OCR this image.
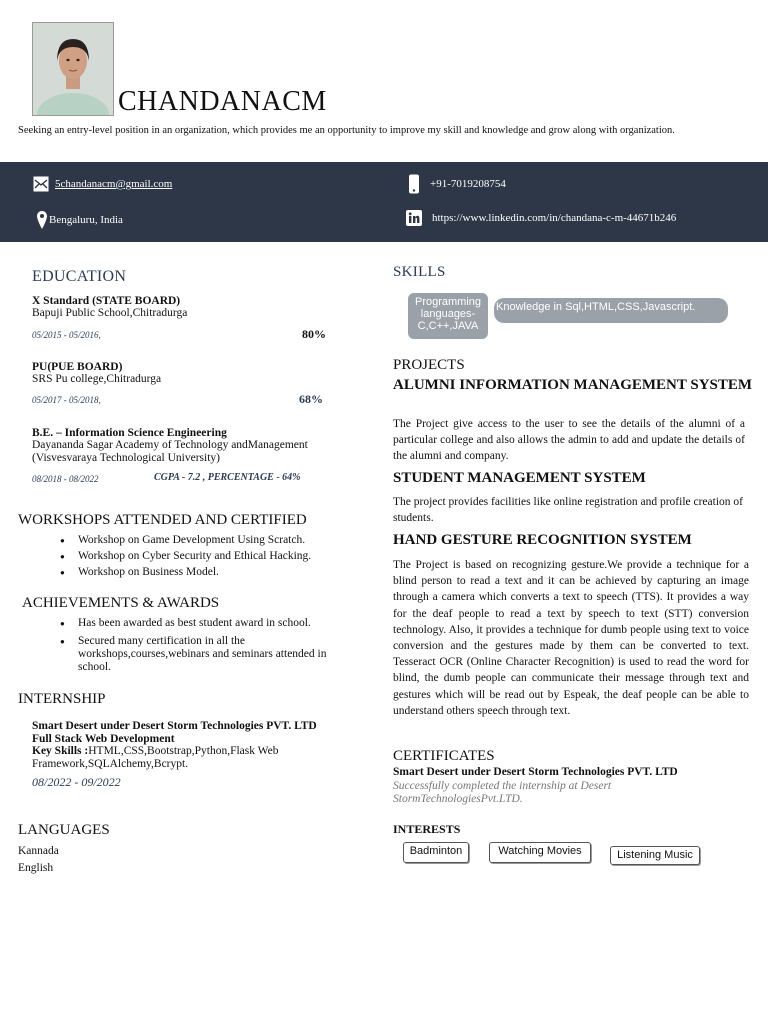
CHANDANACM
Seeking an entry-level position in an organization, which provides me an opportunity to improve my skill and knowledge and grow along with organization.
5chandanacm@gmail.com	+91-7019208754
Bengaluru, India	https://www.linkedin.com/in/chandana-c-m-44671b246
EDUCATION
X Standard (STATE BOARD)
Bapuji Public School,Chitradurga
05/2015 - 05/2016,	80%
PU(PUE BOARD)
SRS Pu college,Chitradurga
05/2017 - 05/2018,	68%
B.E. – Information Science Engineering
Dayananda Sagar Academy of Technology andManagement
(Visvesvaraya Technological University)
08/2018 - 08/2022	CGPA - 7.2 , PERCENTAGE - 64%
WORKSHOPS ATTENDED AND CERTIFIED
● Workshop on Game Development Using Scratch.
● Workshop on Cyber Security and Ethical Hacking.
● Workshop on Business Model.
ACHIEVEMENTS & AWARDS
● Has been awarded as best student award in school.
● Secured many certification in all the workshops,courses,webinars and seminars attended in school.
INTERNSHIP
Smart Desert under Desert Storm Technologies PVT. LTD
Full Stack Web Development
Key Skills :HTML,CSS,Bootstrap,Python,Flask Web Framework,SQLAlchemy,Bcrypt.
08/2022 - 09/2022
LANGUAGES
Kannada
English
SKILLS
Programming languages- C,C++,JAVA
Knowledge in Sql,HTML,CSS,Javascript.
PROJECTS
ALUMNI INFORMATION MANAGEMENT SYSTEM
The Project give access to the user to see the details of the alumni of a particular college and also allows the admin to add and update the details of the alumni and company.
STUDENT MANAGEMENT SYSTEM
The project provides facilities like online registration and profile creation of students.
HAND GESTURE RECOGNITION SYSTEM
The Project is based on recognizing gesture.We provide a technique for a blind person to read a text and it can be achieved by capturing an image through a camera which converts a text to speech (TTS). It provides a way for the deaf people to read a text by speech to text (STT) conversion technology. Also, it provides a technique for dumb people using text to voice conversion and the gestures made by them can be converted to text. Tesseract OCR (Online Character Recognition) is used to read the word for blind, the dumb people can communicate their message through text and gestures which will be read out by Espeak, the deaf people can be able to understand others speech through text.
CERTIFICATES
Smart Desert under Desert Storm Technologies PVT. LTD
Successfully completed the internship at Desert StormTechnologiesPvt.LTD.
INTERESTS
Badminton	Watching Movies	Listening Music
